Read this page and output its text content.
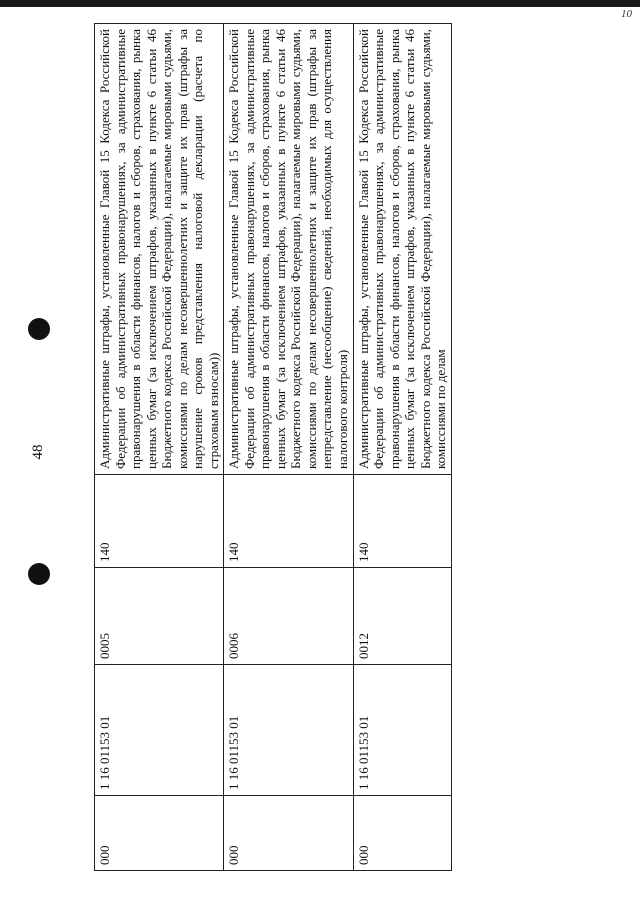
10
48
000	1 16 01153 01	0005	140	Административные штрафы, установленные Главой 15 Кодекса Российской Федерации об административных правонарушениях, за административные правонарушения в области финансов, налогов и сборов, страхования, рынка ценных бумаг (за исключением штрафов, указанных в пункте 6 статьи 46 Бюджетного кодекса Российской Федерации), налагаемые мировыми судьями, комиссиями по делам несовершеннолетних и защите их прав (штрафы за нарушение сроков представления налоговой декларации (расчета по страховым взносам))
000	1 16 01153 01	0006	140	Административные штрафы, установленные Главой 15 Кодекса Российской Федерации об административных правонарушениях, за административные правонарушения в области финансов, налогов и сборов, страхования, рынка ценных бумаг (за исключением штрафов, указанных в пункте 6 статьи 46 Бюджетного кодекса Российской Федерации), налагаемые мировыми судьями, комиссиями по делам несовершеннолетних и защите их прав (штрафы за непредставление (несообщение) сведений, необходимых для осуществления налогового контроля)
000	1 16 01153 01	0012	140	Административные штрафы, установленные Главой 15 Кодекса Российской Федерации об административных правонарушениях, за административные правонарушения в области финансов, налогов и сборов, страхования, рынка ценных бумаг (за исключением штрафов, указанных в пункте 6 статьи 46 Бюджетного кодекса Российской Федерации), налагаемые мировыми судьями, комиссиями по делам
